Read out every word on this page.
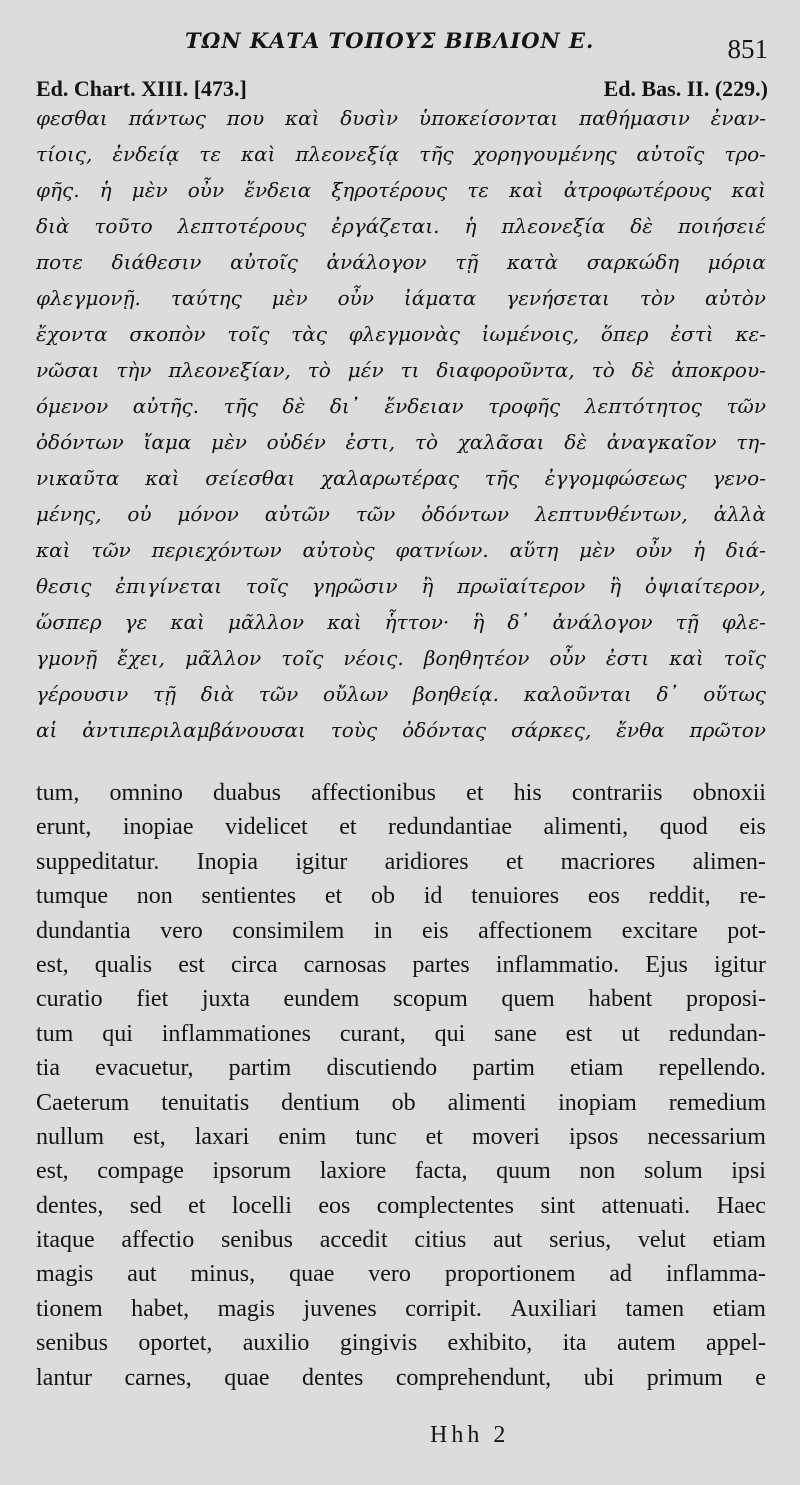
ΤΩΝ ΚΑΤΑ ΤΟΠΟΥΣ ΒΙΒΛΙΟΝ Ε.	851
Ed. Chart. XIII. [473.]	Ed. Bas. II. (229.)
φεσθαι πάντως που καὶ δυσὶν ὑποκείσονται παθήμασιν ἐναν-
τίοις, ἐνδείᾳ τε καὶ πλεονεξίᾳ τῆς χορηγουμένης αὐτοῖς τρο-
φῆς. ἡ μὲν οὖν ἔνδεια ξηροτέρους τε καὶ ἀτροφωτέρους καὶ
διὰ τοῦτο λεπτοτέρους ἐργάζεται. ἡ πλεονεξία δὲ ποιήσειέ
ποτε διάθεσιν αὐτοῖς ἀνάλογον τῇ κατὰ σαρκώδη μόρια
φλεγμονῇ. ταύτης μὲν οὖν ἰάματα γενήσεται τὸν αὐτὸν
ἔχοντα σκοπὸν τοῖς τὰς φλεγμονὰς ἰωμένοις, ὅπερ ἐστὶ κε-
νῶσαι τὴν πλεονεξίαν, τὸ μέν τι διαφοροῦντα, τὸ δὲ ἀποκρου-
όμενον αὐτῆς. τῆς δὲ δι᾽ ἔνδειαν τροφῆς λεπτότητος τῶν
ὀδόντων ἴαμα μὲν οὐδέν ἐστι, τὸ χαλᾶσαι δὲ ἀναγκαῖον τη-
νικαῦτα καὶ σείεσθαι χαλαρωτέρας τῆς ἐγγομφώσεως γενο-
μένης, οὐ μόνον αὐτῶν τῶν ὀδόντων λεπτυνθέντων, ἀλλὰ
καὶ τῶν περιεχόντων αὐτοὺς φατνίων. αὕτη μὲν οὖν ἡ διά-
θεσις ἐπιγίνεται τοῖς γηρῶσιν ἢ πρωϊαίτερον ἢ ὀψιαίτερον,
ὥσπερ γε καὶ μᾶλλον καὶ ἧττον· ἣ δ᾽ ἀνάλογον τῇ φλε-
γμονῇ ἔχει, μᾶλλον τοῖς νέοις. βοηθητέον οὖν ἐστι καὶ τοῖς
γέρουσιν τῇ διὰ τῶν οὔλων βοηθείᾳ. καλοῦνται δ᾽ οὕτως
αἱ ἀντιπεριλαμβάνουσαι τοὺς ὀδόντας σάρκες, ἔνθα πρῶτον
tum, omnino duabus affectionibus et his contrariis obnoxii
erunt, inopiae videlicet et redundantiae alimenti, quod eis
suppeditatur. Inopia igitur aridiores et macriores alimen-
tumque non sentientes et ob id tenuiores eos reddit, re-
dundantia vero consimilem in eis affectionem excitare pot-
est, qualis est circa carnosas partes inflammatio. Ejus igitur
curatio fiet juxta eundem scopum quem habent proposi-
tum qui inflammationes curant, qui sane est ut redundan-
tia evacuetur, partim discutiendo partim etiam repellendo.
Caeterum tenuitatis dentium ob alimenti inopiam remedium
nullum est, laxari enim tunc et moveri ipsos necessarium
est, compage ipsorum laxiore facta, quum non solum ipsi
dentes, sed et locelli eos complectentes sint attenuati. Haec
itaque affectio senibus accedit citius aut serius, velut etiam
magis aut minus, quae vero proportionem ad inflamma-
tionem habet, magis juvenes corripit. Auxiliari tamen etiam
senibus oportet, auxilio gingivis exhibito, ita autem appel-
lantur carnes, quae dentes comprehendunt, ubi primum e
Hhh 2
